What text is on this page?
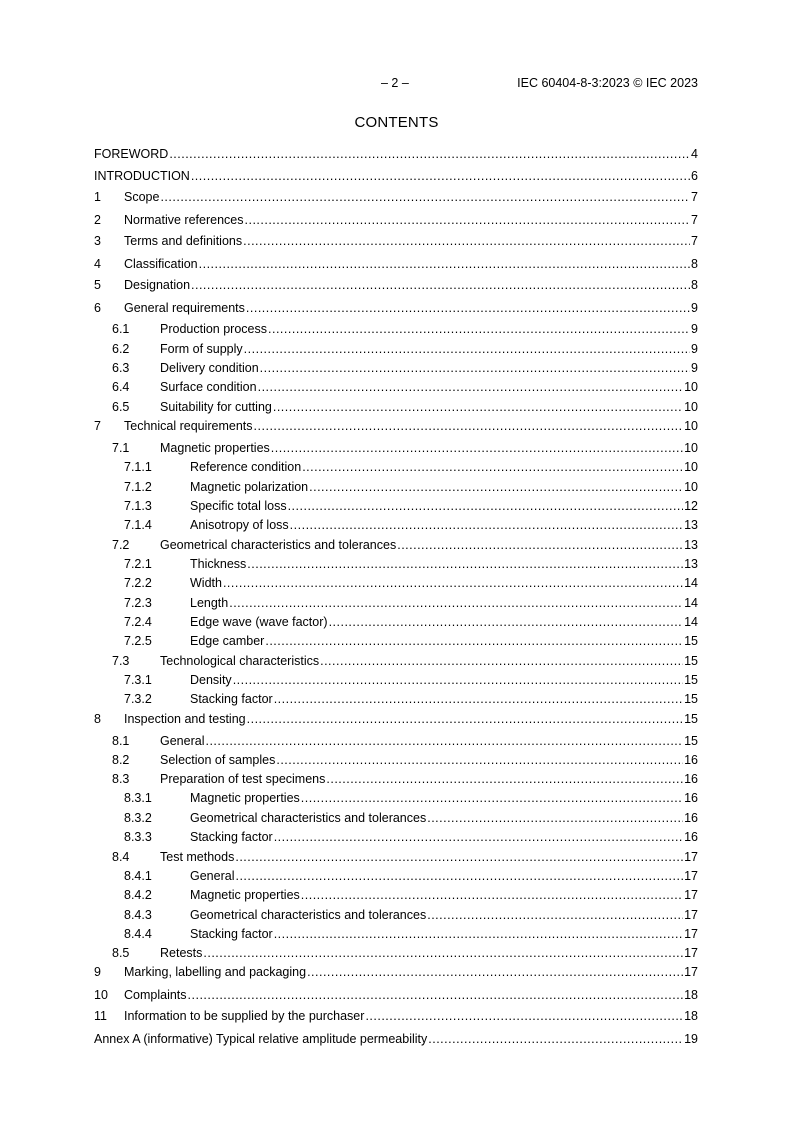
– 2 –	IEC 60404-8-3:2023 © IEC 2023
CONTENTS
FOREWORD .....	4
INTRODUCTION .....	6
1	Scope .....	7
2	Normative references .....	7
3	Terms and definitions .....	7
4	Classification .....	8
5	Designation .....	8
6	General requirements .....	9
6.1	Production process .....	9
6.2	Form of supply .....	9
6.3	Delivery condition .....	9
6.4	Surface condition .....	10
6.5	Suitability for cutting .....	10
7	Technical requirements .....	10
7.1	Magnetic properties .....	10
7.1.1	Reference condition .....	10
7.1.2	Magnetic polarization .....	10
7.1.3	Specific total loss .....	12
7.1.4	Anisotropy of loss .....	13
7.2	Geometrical characteristics and tolerances .....	13
7.2.1	Thickness .....	13
7.2.2	Width .....	14
7.2.3	Length .....	14
7.2.4	Edge wave (wave factor) .....	14
7.2.5	Edge camber .....	15
7.3	Technological characteristics .....	15
7.3.1	Density .....	15
7.3.2	Stacking factor .....	15
8	Inspection and testing .....	15
8.1	General .....	15
8.2	Selection of samples .....	16
8.3	Preparation of test specimens .....	16
8.3.1	Magnetic properties .....	16
8.3.2	Geometrical characteristics and tolerances .....	16
8.3.3	Stacking factor .....	16
8.4	Test methods .....	17
8.4.1	General .....	17
8.4.2	Magnetic properties .....	17
8.4.3	Geometrical characteristics and tolerances .....	17
8.4.4	Stacking factor .....	17
8.5	Retests .....	17
9	Marking, labelling and packaging .....	17
10	Complaints .....	18
11	Information to be supplied by the purchaser .....	18
Annex A (informative) Typical relative amplitude permeability .....	19
